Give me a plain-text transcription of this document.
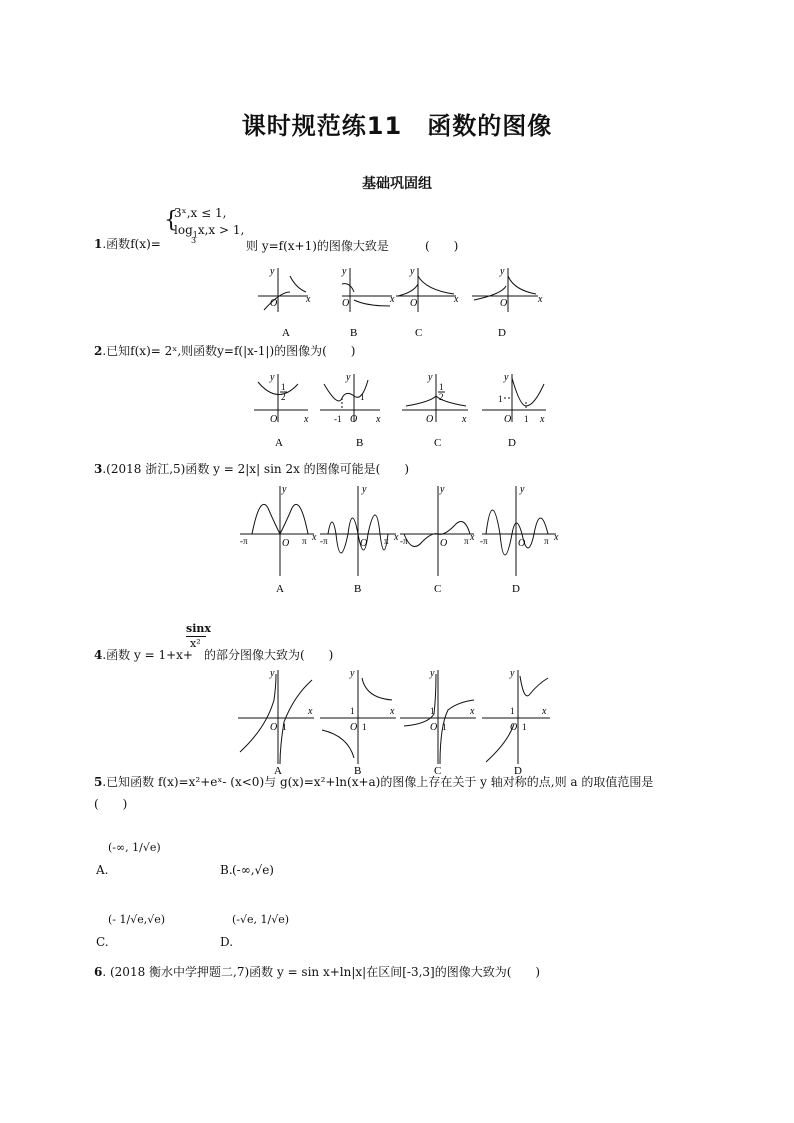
课时规范练11　函数的图像
基础巩固组
1.函数f(x)=
{
3ˣ,x ≤ 1,
$\log_1x,x > 1$,
3	则 y=f(x+1)的图像大致是	(　　)
y
O	x
y
O	x
y
O	x
y
O	x
A	B	C	D
2.已知f(x)= 2ˣ,则函数y=f(|x-1|)的图像为(　　)
y
O	x
y
O x
y
O	x
y
O	x
1
2	1
-1
1
2	1
1
A	B	C	D
3.(2018 浙江,5)函数 y = 2|x| sin 2x 的图像可能是(　　)
y
O
x
y
O
x
y
O
x
y
O
x
-π	π -π	π -π	π -π	π
A	B	C	D
4.函数 y = 1+x+
sinx
x²
的部分图像大致为(　　)
y
O
x
y
O
x
y
O
x
y
O
x
1
1
1
1
1
1
1
A	B	C	D
5.已知函数 f(x)=x²+eˣ- (x<0)与 g(x)=x²+ln(x+a)的图像上存在关于 y 轴对称的点,则 a 的取值范围是
(　　)
A.
(-∞, 1/√e)
B. (-∞,√e)
C.
(- 1/√e,√e)
D.
(-√e, 1/√e)
6. (2018 衡水中学押题二,7)函数 y = sin x+ln|x|在区间[-3,3]的图像大致为(　　)
